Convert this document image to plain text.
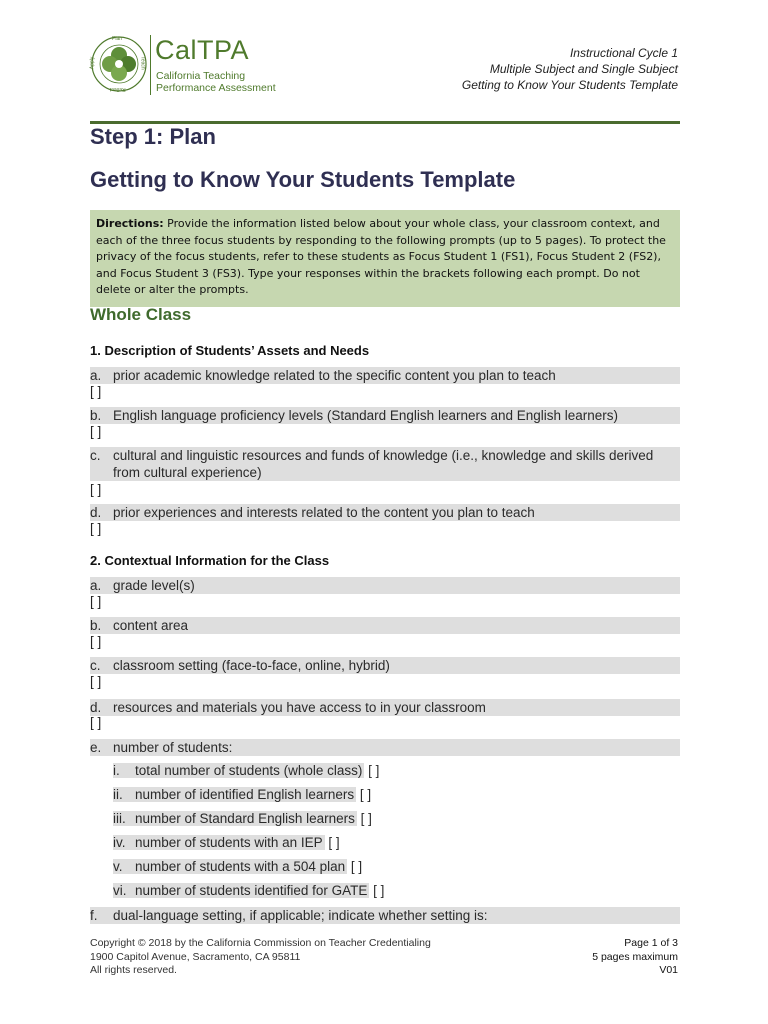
Plan
Teach
Reflect
Apply CalTPA
California Teaching
Performance Assessment
Instructional Cycle 1
Multiple Subject and Single Subject
Getting to Know Your Students Template
Step 1: Plan
Getting to Know Your Students Template
Directions: Provide the information listed below about your whole class, your classroom context, and each of the three focus students by responding to the following prompts (up to 5 pages). To protect the privacy of the focus students, refer to these students as Focus Student 1 (FS1), Focus Student 2 (FS2), and Focus Student 3 (FS3). Type your responses within the brackets following each prompt. Do not delete or alter the prompts.
Whole Class
1. Description of Students’ Assets and Needs
a. prior academic knowledge related to the specific content you plan to teach
[ ]
b. English language proficiency levels (Standard English learners and English learners)
[ ]
c. cultural and linguistic resources and funds of knowledge (i.e., knowledge and skills derived from cultural experience)
[ ]
d. prior experiences and interests related to the content you plan to teach
[ ]
2. Contextual Information for the Class
a. grade level(s)
[ ]
b. content area
[ ]
c. classroom setting (face-to-face, online, hybrid)
[ ]
d. resources and materials you have access to in your classroom
[ ]
e. number of students:
i. total number of students (whole class) [ ]
ii. number of identified English learners [ ]
iii. number of Standard English learners [ ]
iv. number of students with an IEP [ ]
v. number of students with a 504 plan [ ]
vi. number of students identified for GATE [ ]
f. dual-language setting, if applicable; indicate whether setting is:
Copyright © 2018 by the California Commission on Teacher Credentialing
1900 Capitol Avenue, Sacramento, CA 95811
All rights reserved.
Page 1 of 3
5 pages maximum
V01
